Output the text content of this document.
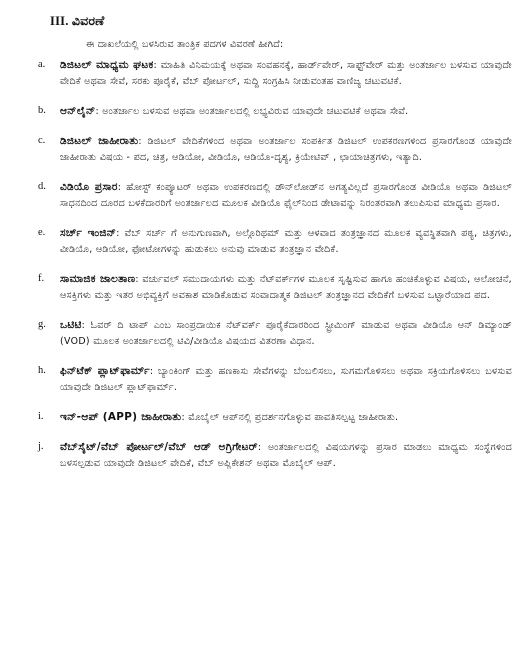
III. ವಿವರಣೆ
ಈ ದಾಖಲೆಯಲ್ಲಿ ಬಳಸಿರುವ ತಾಂತ್ರಿಕ ಪದಗಳ ವಿವರಣೆ ಹೀಗಿದೆ:
a.	ಡಿಜಿಟಲ್ ಮಾಧ್ಯಮ ಘಟಕ: ಮಾಹಿತಿ ವಿನಿಮಯಕ್ಕೆ ಅಥವಾ ಸಂವಹನಕ್ಕೆ, ಹಾರ್ಡ್‌ವೇರ್, ಸಾಫ್ಟ್‌ವೇರ್ ಮತ್ತು ಅಂತರ್ಜಾಲ ಬಳಸುವ ಯಾವುದೇ ವೇದಿಕೆ ಅಥವಾ ಸೇವೆ, ಸರಕು ಪೂರೈಕೆ, ವೆಬ್ ಪೋರ್ಟಲ್, ಸುದ್ದಿ ಸಂಗ್ರಹಿಸಿ ನೀಡುವಂತಹ ವಾಣಿಜ್ಯ ಚಟುವಟಿಕೆ.
b.	ಆನ್‌ಲೈನ್: ಅಂತರ್ಜಾಲ ಬಳಸುವ ಅಥವಾ ಅಂತರ್ಜಾಲದಲ್ಲಿ ಲಭ್ಯವಿರುವ ಯಾವುದೇ ಚಟುವಟಿಕೆ ಅಥವಾ ಸೇವೆ.
c.	ಡಿಜಿಟಲ್ ಜಾಹೀರಾತು: ಡಿಜಿಟಲ್ ವೇದಿಕೆಗಳಿಂದ ಅಥವಾ ಅಂತರ್ಜಾಲ ಸಂಪರ್ಕಿತ ಡಿಜಿಟಲ್ ಉಪಕರಣಗಳಿಂದ ಪ್ರಸಾರಗೊಂಡ ಯಾವುದೇ ಜಾಹೀರಾತು ವಿಷಯ - ಪದ, ಚಿತ್ರ, ಆಡಿಯೋ, ವೀಡಿಯೊ, ಆಡಿಯೊ-ದೃಶ್ಯ, ಕ್ರಿಯೇಟಿವ್ , ಛಾಯಾಚಿತ್ರಗಳು, ಇತ್ಯಾದಿ.
d.	ವಿಡಿಯೊ ಪ್ರಸಾರ: ಹೋಸ್ಟ್ ಕಂಪ್ಯೂಟರ್ ಅಥವಾ ಉಪಕರಣದಲ್ಲಿ ಡೌನ್‌ಲೋಡ್‌ನ ಅಗತ್ಯವಿಲ್ಲದೆ ಪ್ರಸಾರಗೊಂಡ ವೀಡಿಯೊ ಅಥವಾ ಡಿಜಿಟಲ್ ಸಾಧನದಿಂದ ದೂರದ ಬಳಕೆದಾರರಿಗೆ ಅಂತರ್ಜಾಲದ ಮೂಲಕ ವೀಡಿಯೊ ಫೈಲ್‌ನಿಂದ ಡೇಟಾವನ್ನು ನಿರಂತರವಾಗಿ ತಲುಪಿಸುವ ಮಾಧ್ಯಮ ಪ್ರಸಾರ.
e.	ಸರ್ಚ್ ಇಂಜಿನ್: ವೆಬ್ ಸರ್ಚ್ ಗೆ ಅನುಗುಣವಾಗಿ, ಅಲ್ಗೊರಿಥಮ್ ಮತ್ತು ಆಳವಾದ ತಂತ್ರಜ್ಞಾನದ ಮೂಲಕ ವ್ಯವಸ್ಥಿತವಾಗಿ ಪಠ್ಯ, ಚಿತ್ರಗಳು, ವೀಡಿಯೊ, ಆಡಿಯೋ, ಫೋಟೋಗಳನ್ನು ಹುಡುಕಲು ಅನುವು ಮಾಡುವ ತಂತ್ರಜ್ಞಾನ ವೇದಿಕೆ.
f.	ಸಾಮಾಜಿಕ ಜಾಲತಾಣ: ವರ್ಚುವಲ್ ಸಮುದಾಯಗಳು ಮತ್ತು ನೆಟ್‌ವರ್ಕ್‌ಗಳ ಮೂಲಕ ಸೃಷ್ಟಿಸುವ ಹಾಗೂ ಹಂಚಿಕೊಳ್ಳುವ ವಿಷಯ, ಆಲೋಚನೆ, ಆಸಕ್ತಿಗಳು ಮತ್ತು ಇತರ ಅಭಿವ್ಯಕ್ತಿಗೆ ಅವಕಾಶ ಮಾಡಿಕೊಡುವ ಸಂವಾದಾತ್ಮಕ ಡಿಜಿಟಲ್ ತಂತ್ರಜ್ಞಾನದ ವೇದಿಕೆಗೆ ಬಳಸುವ ಒಟ್ಟಾರೆಯಾದ ಪದ.
g.	ಒಟಿಟಿ: ಓವರ್ ದಿ ಟಾಪ್ ಎಂಬ ಸಾಂಪ್ರದಾಯಿಕ ನೆಟ್‌ವರ್ಕ್ ಪೂರೈಕೆದಾರರಿಂದ ಸ್ಟ್ರೀಮಿಂಗ್ ಮಾಡುವ ಅಥವಾ ವೀಡಿಯೊ ಆನ್ ಡಿಮ್ಯಾಂಡ್ (VOD) ಮೂಲಕ ಅಂತರ್ಜಾಲದಲ್ಲಿ ಟಿವಿ/ವೀಡಿಯೊ ವಿಷಯದ ವಿತರಣಾ ವಿಧಾನ.
h.	ಫಿನ್‌ಟೆಕ್ ಪ್ಲಾಟ್‌ಫಾರ್ಮ್: ಬ್ಯಾಂಕಿಂಗ್ ಮತ್ತು ಹಣಕಾಸು ಸೇವೆಗಳನ್ನು ಬೆಂಬಲಿಸಲು, ಸುಗಮಗೊಳಿಸಲು ಅಥವಾ ಸಕ್ರಿಯಗೊಳಿಸಲು ಬಳಸುವ ಯಾವುದೇ ಡಿಜಿಟಲ್ ಪ್ಲಾಟ್‌ಫಾರ್ಮ್.
i.	ಇನ್-ಆಪ್ (APP) ಜಾಹೀರಾತು: ಮೊಬೈಲ್ ಆಪ್‌ನಲ್ಲಿ ಪ್ರದರ್ಶನಗೊಳ್ಳುವ ಪಾವತಿಸಲ್ಪಟ್ಟ ಜಾಹೀರಾತು.
j.	ವೆಬ್‌ಸೈಟ್/ವೆಬ್ ಪೋರ್ಟಲ್/ವೆಬ್ ಆಡ್ ಅಗ್ರಿಗೇಟರ್: ಅಂತರ್ಜಾಲದಲ್ಲಿ ವಿಷಯಗಳನ್ನು ಪ್ರಸಾರ ಮಾಡಲು ಮಾಧ್ಯಮ ಸಂಸ್ಥೆಗಳಿಂದ ಬಳಸಲ್ಪಡುವ ಯಾವುದೇ ಡಿಜಿಟಲ್ ವೇದಿಕೆ, ವೆಬ್ ಅಪ್ಲಿಕೇಶನ್ ಅಥವಾ ಮೊಬೈಲ್ ಆಪ್.
